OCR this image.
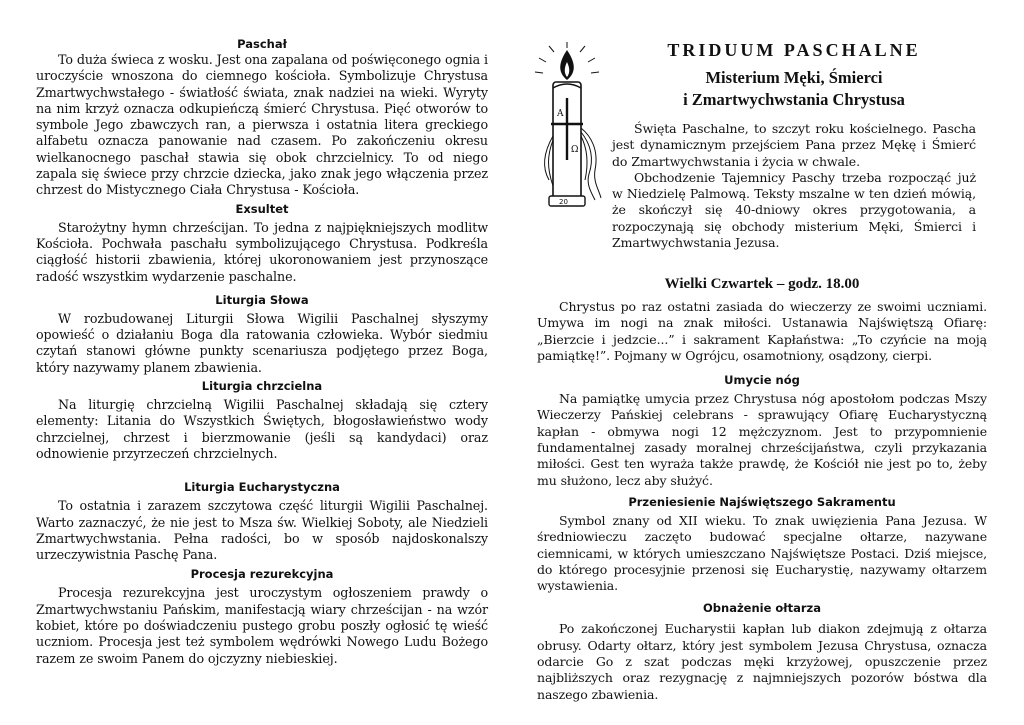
Paschał

To duża świeca z wosku. Jest ona zapalana od poświęconego ognia i uroczyście wnoszona do ciemnego kościoła. Symbolizuje Chrystusa Zmartwychwstałego - światłość świata, znak nadziei na wieki. Wyryty na nim krzyż oznacza odkupieńczą śmierć Chrystusa. Pięć otworów to symbole Jego zbawczych ran, a pierwsza i ostatnia litera greckiego alfabetu oznacza panowanie nad czasem. Po zakończeniu okresu wielkanocnego paschał stawia się obok chrzcielnicy. To od niego zapala się świece przy chrzcie dziecka, jako znak jego włączenia przez chrzest do Mistycznego Ciała Chrystusa - Kościoła.

Exsultet

Starożytny hymn chrześcijan. To jedna z najpiękniejszych modlitw Kościoła. Pochwała paschału symbolizującego Chrystusa. Podkreśla ciągłość historii zbawienia, której ukoronowaniem jest przynoszące radość wszystkim wydarzenie paschalne.

Liturgia Słowa

W rozbudowanej Liturgii Słowa Wigilii Paschalnej słyszymy opowieść o działaniu Boga dla ratowania człowieka. Wybór siedmiu czytań stanowi główne punkty scenariusza podjętego przez Boga, który nazywamy planem zbawienia.

Liturgia chrzcielna

Na liturgię chrzcielną Wigilii Paschalnej składają się cztery elementy: Litania do Wszystkich Świętych, błogosławieństwo wody chrzcielnej, chrzest i bierzmowanie (jeśli są kandydaci) oraz odnowienie przyrzeczeń chrzcielnych.

Liturgia Eucharystyczna

To ostatnia i zarazem szczytowa część liturgii Wigilii Paschalnej. Warto zaznaczyć, że nie jest to Msza św. Wielkiej Soboty, ale Niedzieli Zmartwychwstania. Pełna radości, bo w sposób najdoskonalszy urzeczywistnia Paschę Pana.

Procesja rezurekcyjna

Procesja rezurekcyjna jest uroczystym ogłoszeniem prawdy o Zmartwychwstaniu Pańskim, manifestacją wiary chrześcijan - na wzór kobiet, które po doświadczeniu pustego grobu poszły ogłosić tę wieść uczniom. Procesja jest też symbolem wędrówki Nowego Ludu Bożego razem ze swoim Panem do ojczyzny niebieskiej.

A
Ω
20
TRIDUUM PASCHALNE
Misterium Męki, Śmierci
i Zmartwychwstania Chrystusa

Święta Paschalne, to szczyt roku kościelnego. Pascha jest dynamicznym przejściem Pana przez Mękę i Śmierć do Zmartwychwstania i życia w chwale.

Obchodzenie Tajemnicy Paschy trzeba rozpocząć już w Niedzielę Palmową. Teksty mszalne w ten dzień mówią, że skończył się 40-dniowy okres przygotowania, a rozpoczynają się obchody misterium Męki, Śmierci i Zmartwychwstania Jezusa.

Wielki Czwartek – godz. 18.00

Chrystus po raz ostatni zasiada do wieczerzy ze swoimi uczniami. Umywa im nogi na znak miłości. Ustanawia Najświętszą Ofiarę: „Bierzcie i jedzcie...” i sakrament Kapłaństwa: „To czyńcie na moją pamiątkę!”. Pojmany w Ogrójcu, osamotniony, osądzony, cierpi.

Umycie nóg

Na pamiątkę umycia przez Chrystusa nóg apostołom podczas Mszy Wieczerzy Pańskiej celebrans - sprawujący Ofiarę Eucharystyczną kapłan - obmywa nogi 12 mężczyznom. Jest to przypomnienie fundamentalnej zasady moralnej chrześcijaństwa, czyli przykazania miłości. Gest ten wyraża także prawdę, że Kościół nie jest po to, żeby mu służono, lecz aby służyć.

Przeniesienie Najświętszego Sakramentu

Symbol znany od XII wieku. To znak uwięzienia Pana Jezusa. W średniowieczu zaczęto budować specjalne ołtarze, nazywane ciemnicami, w których umieszczano Najświętsze Postaci. Dziś miejsce, do którego procesyjnie przenosi się Eucharystię, nazywamy ołtarzem wystawienia.

Obnażenie ołtarza

Po zakończonej Eucharystii kapłan lub diakon zdejmują z ołtarza obrusy. Odarty ołtarz, który jest symbolem Jezusa Chrystusa, oznacza odarcie Go z szat podczas męki krzyżowej, opuszczenie przez najbliższych oraz rezygnację z najmniejszych pozorów bóstwa dla naszego zbawienia.
